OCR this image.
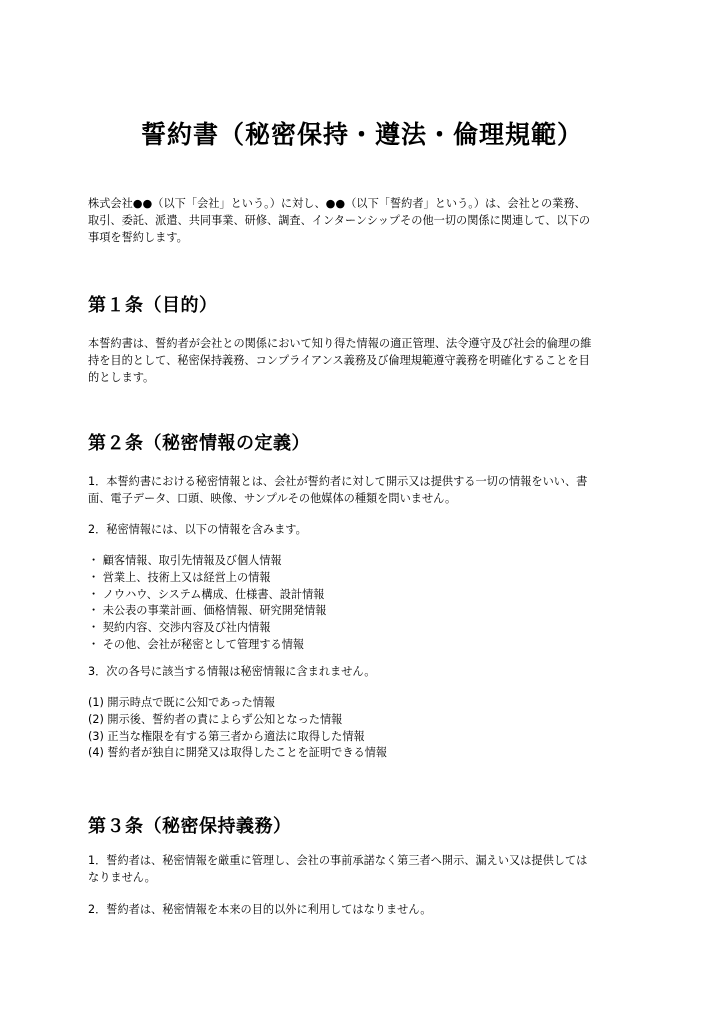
誓約書（秘密保持・遵法・倫理規範）

株式会社●●（以下「会社」という。）に対し、●●（以下「誓約者」という。）は、会社との業務、
取引、委託、派遣、共同事業、研修、調査、インターンシップその他一切の関係に関連して、以下の
事項を誓約します。

第１条（目的）

本誓約書は、誓約者が会社との関係において知り得た情報の適正管理、法令遵守及び社会的倫理の維
持を目的として、秘密保持義務、コンプライアンス義務及び倫理規範遵守義務を明確化することを目
的とします。

第２条（秘密情報の定義）

1．本誓約書における秘密情報とは、会社が誓約者に対して開示又は提供する一切の情報をいい、書
面、電子データ、口頭、映像、サンプルその他媒体の種類を問いません。

2．秘密情報には、以下の情報を含みます。

・ 顧客情報、取引先情報及び個人情報
・ 営業上、技術上又は経営上の情報
・ ノウハウ、システム構成、仕様書、設計情報
・ 未公表の事業計画、価格情報、研究開発情報
・ 契約内容、交渉内容及び社内情報
・ その他、会社が秘密として管理する情報

3．次の各号に該当する情報は秘密情報に含まれません。

(1) 開示時点で既に公知であった情報
(2) 開示後、誓約者の責によらず公知となった情報
(3) 正当な権限を有する第三者から適法に取得した情報
(4) 誓約者が独自に開発又は取得したことを証明できる情報
第３条（秘密保持義務）

1．誓約者は、秘密情報を厳重に管理し、会社の事前承諾なく第三者へ開示、漏えい又は提供しては
なりません。

2．誓約者は、秘密情報を本来の目的以外に利用してはなりません。
